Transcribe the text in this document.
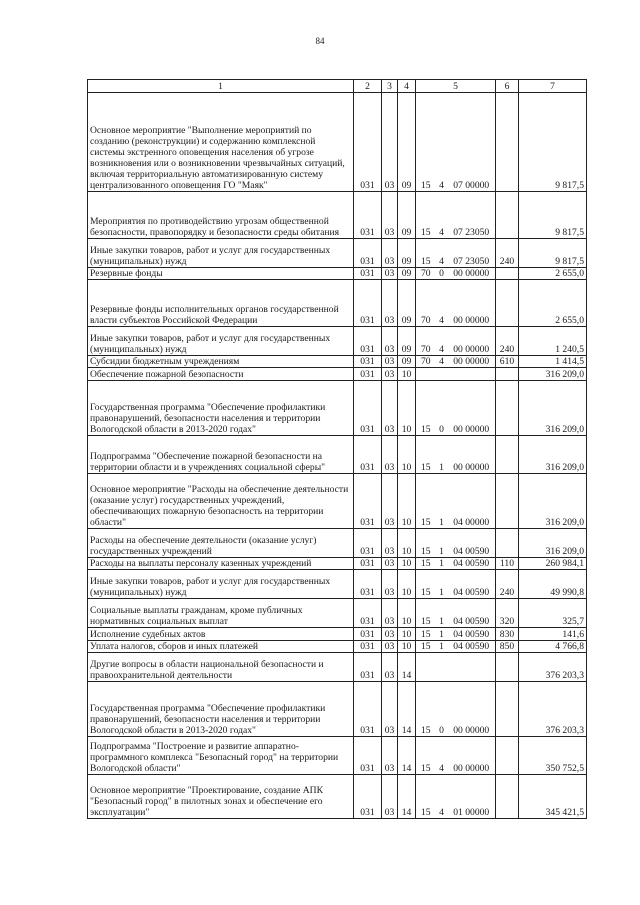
84
1	2	3	4	5			6	7
Основное мероприятие "Выполнение мероприятий по созданию (реконструкции) и содержанию комплексной системы экстренного оповещения населения об угрозе возникновения или о возникновении чрезвычайных ситуаций, включая территориальную автоматизированную систему централизованного оповещения ГО "Маяк"	031	03	09	15	4	07 00000		9 817,5
Мероприятия по противодействию угрозам общественной безопасности, правопорядку и безопасности среды обитания	031	03	09	15	4	07 23050		9 817,5
Иные закупки товаров, работ и услуг для государственных (муниципальных) нужд	031	03	09	15	4	07 23050	240	9 817,5
Резервные фонды	031	03	09	70	0	00 00000		2 655,0
Резервные фонды исполнительных органов государственной власти субъектов Российской Федерации	031	03	09	70	4	00 00000		2 655,0
Иные закупки товаров, работ и услуг для государственных (муниципальных) нужд	031	03	09	70	4	00 00000	240	1 240,5
Субсидии бюджетным учреждениям	031	03	09	70	4	00 00000	610	1 414,5
Обеспечение пожарной безопасности	031	03	10					316 209,0
Государственная программа "Обеспечение профилактики правонарушений, безопасности населения и территории Вологодской области в 2013-2020 годах"	031	03	10	15	0	00 00000		316 209,0
Подпрограмма "Обеспечение пожарной безопасности на территории области и в учреждениях социальной сферы"	031	03	10	15	1	00 00000		316 209,0
Основное мероприятие "Расходы на обеспечение деятельности (оказание услуг) государственных учреждений, обеспечивающих пожарную безопасность на территории области"	031	03	10	15	1	04 00000		316 209,0
Расходы на обеспечение деятельности (оказание услуг) государственных учреждений	031	03	10	15	1	04 00590		316 209,0
Расходы на выплаты персоналу казенных учреждений	031	03	10	15	1	04 00590	110	260 984,1
Иные закупки товаров, работ и услуг для государственных (муниципальных) нужд	031	03	10	15	1	04 00590	240	49 990,8
Социальные выплаты гражданам, кроме публичных нормативных социальных выплат	031	03	10	15	1	04 00590	320	325,7
Исполнение судебных актов	031	03	10	15	1	04 00590	830	141,6
Уплата налогов, сборов и иных платежей	031	03	10	15	1	04 00590	850	4 766,8
Другие вопросы в области национальной безопасности и правоохранительной деятельности	031	03	14					376 203,3
Государственная программа "Обеспечение профилактики правонарушений, безопасности населения и территории Вологодской области в 2013-2020 годах"	031	03	14	15	0	00 00000		376 203,3
Подпрограмма "Построение и развитие аппаратно-программного комплекса "Безопасный город" на территории Вологодской области"	031	03	14	15	4	00 00000		350 752,5
Основное мероприятие "Проектирование, создание АПК "Безопасный город" в пилотных зонах и обеспечение его эксплуатации"	031	03	14	15	4	01 00000		345 421,5
